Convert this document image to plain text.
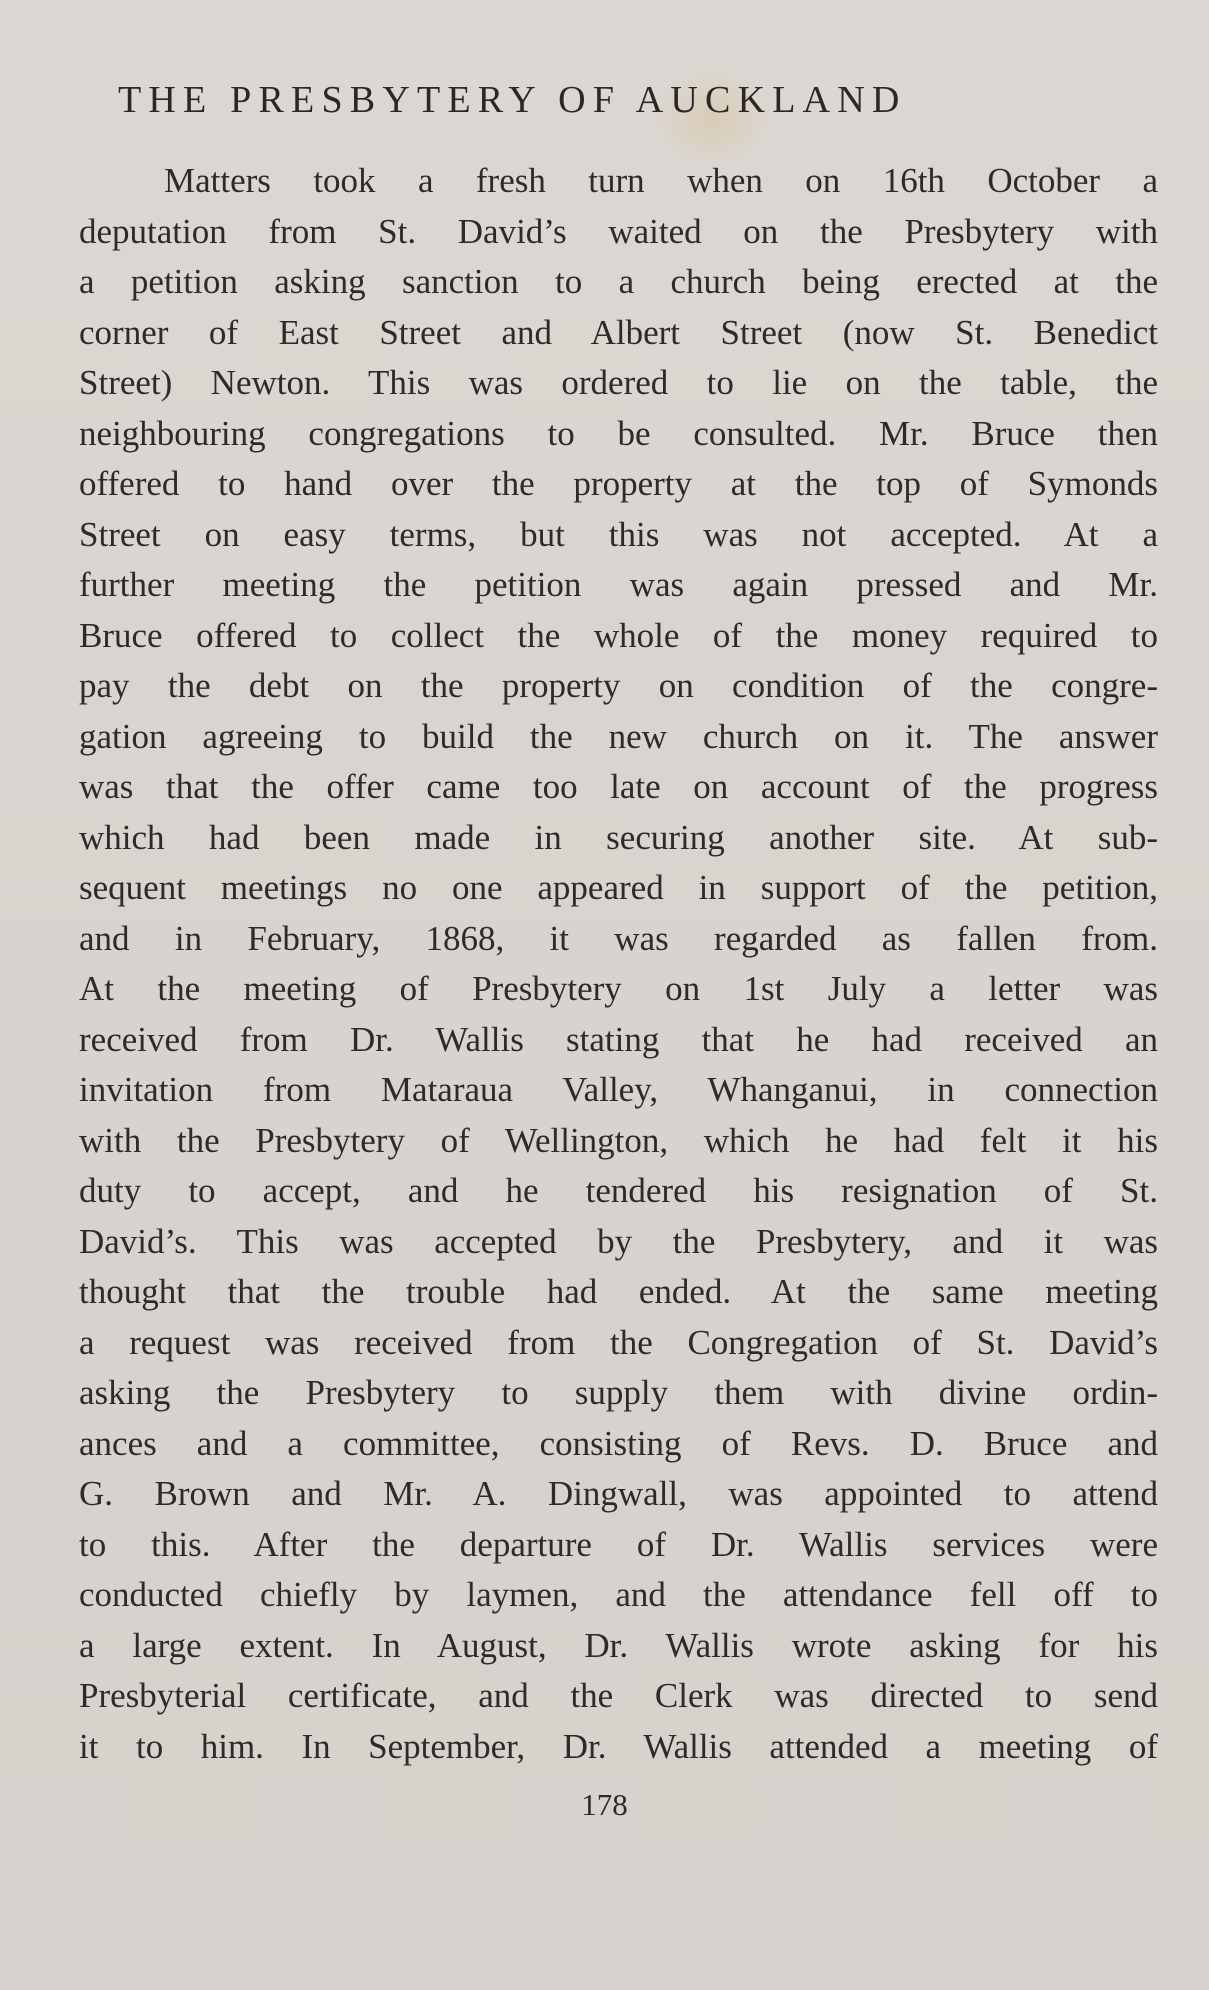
THE PRESBYTERY OF AUCKLAND
Matters took a fresh turn when on 16th October a
deputation from St. David’s waited on the Presbytery with
a petition asking sanction to a church being erected at the
corner of East Street and Albert Street (now St. Benedict
Street) Newton. This was ordered to lie on the table, the
neighbouring congregations to be consulted. Mr. Bruce then
offered to hand over the property at the top of Symonds
Street on easy terms, but this was not accepted. At a
further meeting the petition was again pressed and Mr.
Bruce offered to collect the whole of the money required to
pay the debt on the property on condition of the congre-
gation agreeing to build the new church on it. The answer
was that the offer came too late on account of the progress
which had been made in securing another site. At sub-
sequent meetings no one appeared in support of the petition,
and in February, 1868, it was regarded as fallen from.
At the meeting of Presbytery on 1st July a letter was
received from Dr. Wallis stating that he had received an
invitation from Mataraua Valley, Whanganui, in connection
with the Presbytery of Wellington, which he had felt it his
duty to accept, and he tendered his resignation of St.
David’s. This was accepted by the Presbytery, and it was
thought that the trouble had ended. At the same meeting
a request was received from the Congregation of St. David’s
asking the Presbytery to supply them with divine ordin-
ances and a committee, consisting of Revs. D. Bruce and
G. Brown and Mr. A. Dingwall, was appointed to attend
to this. After the departure of Dr. Wallis services were
conducted chiefly by laymen, and the attendance fell off to
a large extent. In August, Dr. Wallis wrote asking for his
Presbyterial certificate, and the Clerk was directed to send
it to him. In September, Dr. Wallis attended a meeting of
178
